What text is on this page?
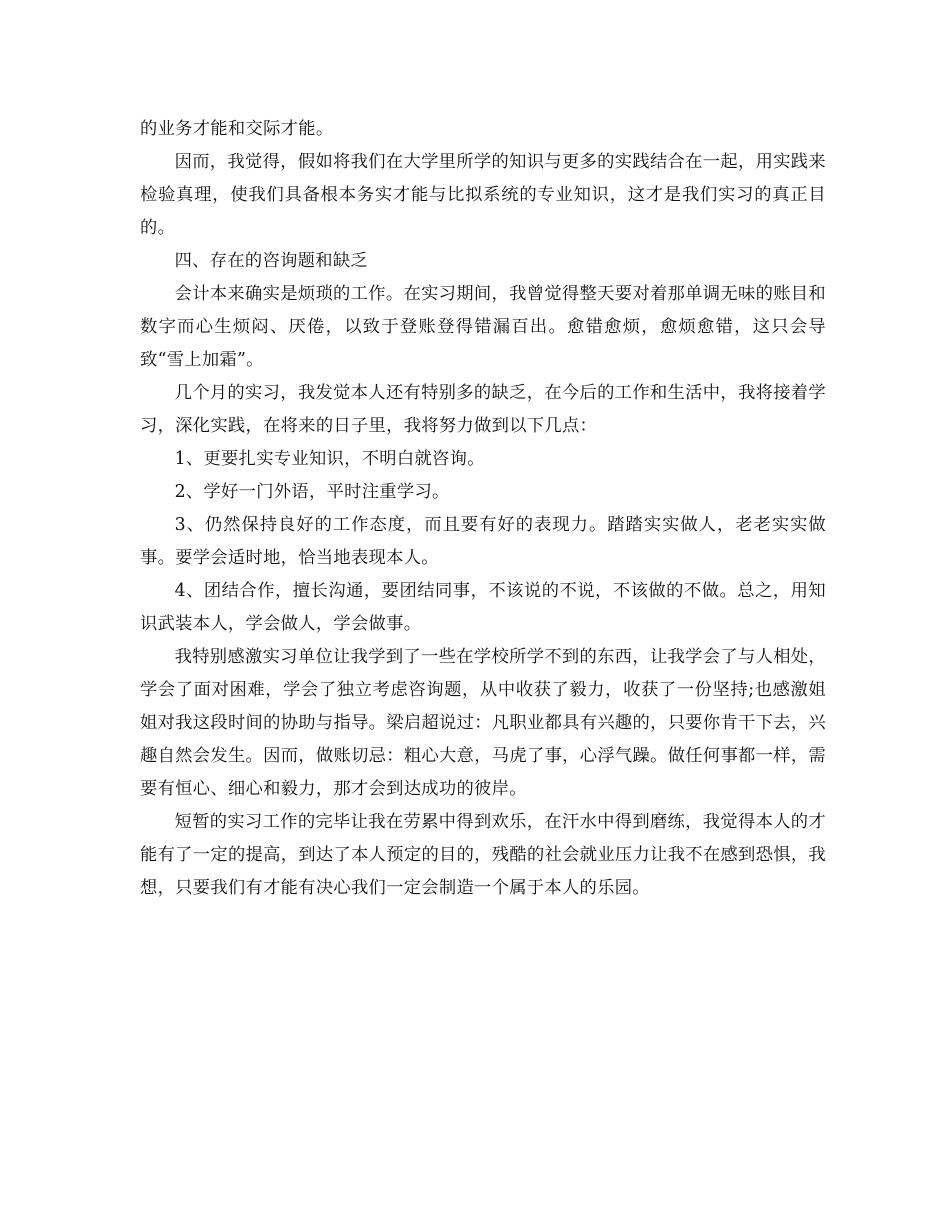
的业务才能和交际才能。

因而，我觉得，假如将我们在大学里所学的知识与更多的实践结合在一起，用实践来检验真理，使我们具备根本务实才能与比拟系统的专业知识，这才是我们实习的真正目的。

四、存在的咨询题和缺乏

会计本来确实是烦琐的工作。在实习期间，我曾觉得整天要对着那单调无味的账目和数字而心生烦闷、厌倦，以致于登账登得错漏百出。愈错愈烦，愈烦愈错，这只会导致“雪上加霜”。

几个月的实习，我发觉本人还有特别多的缺乏，在今后的工作和生活中，我将接着学习，深化实践，在将来的日子里，我将努力做到以下几点：

1、更要扎实专业知识，不明白就咨询。

2、学好一门外语，平时注重学习。

3、仍然保持良好的工作态度，而且要有好的表现力。踏踏实实做人，老老实实做事。要学会适时地，恰当地表现本人。

4、团结合作，擅长沟通，要团结同事，不该说的不说，不该做的不做。总之，用知识武装本人，学会做人，学会做事。

我特别感激实习单位让我学到了一些在学校所学不到的东西，让我学会了与人相处，学会了面对困难，学会了独立考虑咨询题，从中收获了毅力，收获了一份坚持;也感激姐姐对我这段时间的协助与指导。梁启超说过：凡职业都具有兴趣的，只要你肯干下去，兴趣自然会发生。因而，做账切忌：粗心大意，马虎了事，心浮气躁。做任何事都一样，需要有恒心、细心和毅力，那才会到达成功的彼岸。

短暂的实习工作的完毕让我在劳累中得到欢乐，在汗水中得到磨练，我觉得本人的才能有了一定的提高，到达了本人预定的目的，残酷的社会就业压力让我不在感到恐惧，我想，只要我们有才能有决心我们一定会制造一个属于本人的乐园。
